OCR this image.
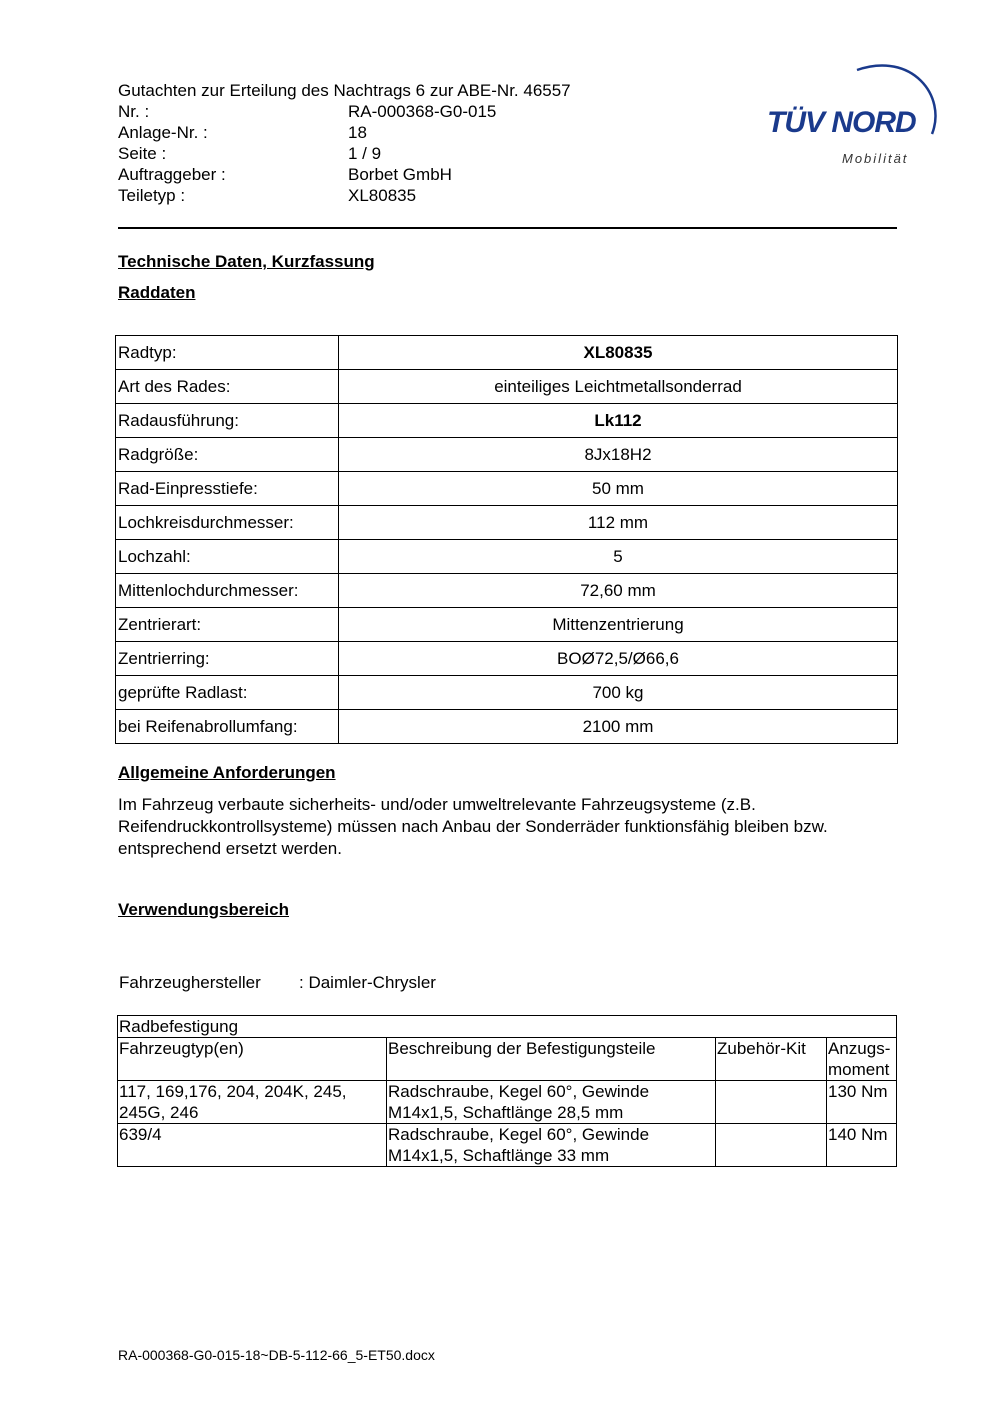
Gutachten zur Erteilung des Nachtrags 6 zur ABE-Nr. 46557
Nr. :	RA-000368-G0-015
Anlage-Nr. :	18
Seite :	1 / 9
Auftraggeber :	Borbet GmbH
Teiletyp :	XL80835
TÜV NORD
Mobilität
Technische Daten, Kurzfassung
Raddaten
Radtyp:	XL80835
Art des Rades:	einteiliges Leichtmetallsonderrad
Radausführung:	Lk112
Radgröße:	8Jx18H2
Rad-Einpresstiefe:	50 mm
Lochkreisdurchmesser:	112 mm
Lochzahl:	5
Mittenlochdurchmesser:	72,60 mm
Zentrierart:	Mittenzentrierung
Zentrierring:	BOØ72,5/Ø66,6
geprüfte Radlast:	700 kg
bei Reifenabrollumfang:	2100 mm
Allgemeine Anforderungen
Im Fahrzeug verbaute sicherheits- und/oder umweltrelevante Fahrzeugsysteme (z.B. Reifendruckkontrollsysteme) müssen nach Anbau der Sonderräder funktionsfähig bleiben bzw. entsprechend ersetzt werden.
Verwendungsbereich
Fahrzeughersteller	: Daimler-Chrysler
Radbefestigung			
Fahrzeugtyp(en)	Beschreibung der Befestigungsteile	Zubehör-Kit	Anzugs-moment
117, 169,176, 204, 204K, 245, 245G, 246	Radschraube, Kegel 60°, Gewinde M14x1,5, Schaftlänge 28,5 mm		130 Nm
639/4	Radschraube, Kegel 60°, Gewinde M14x1,5, Schaftlänge 33 mm		140 Nm
RA-000368-G0-015-18~DB-5-112-66_5-ET50.docx
